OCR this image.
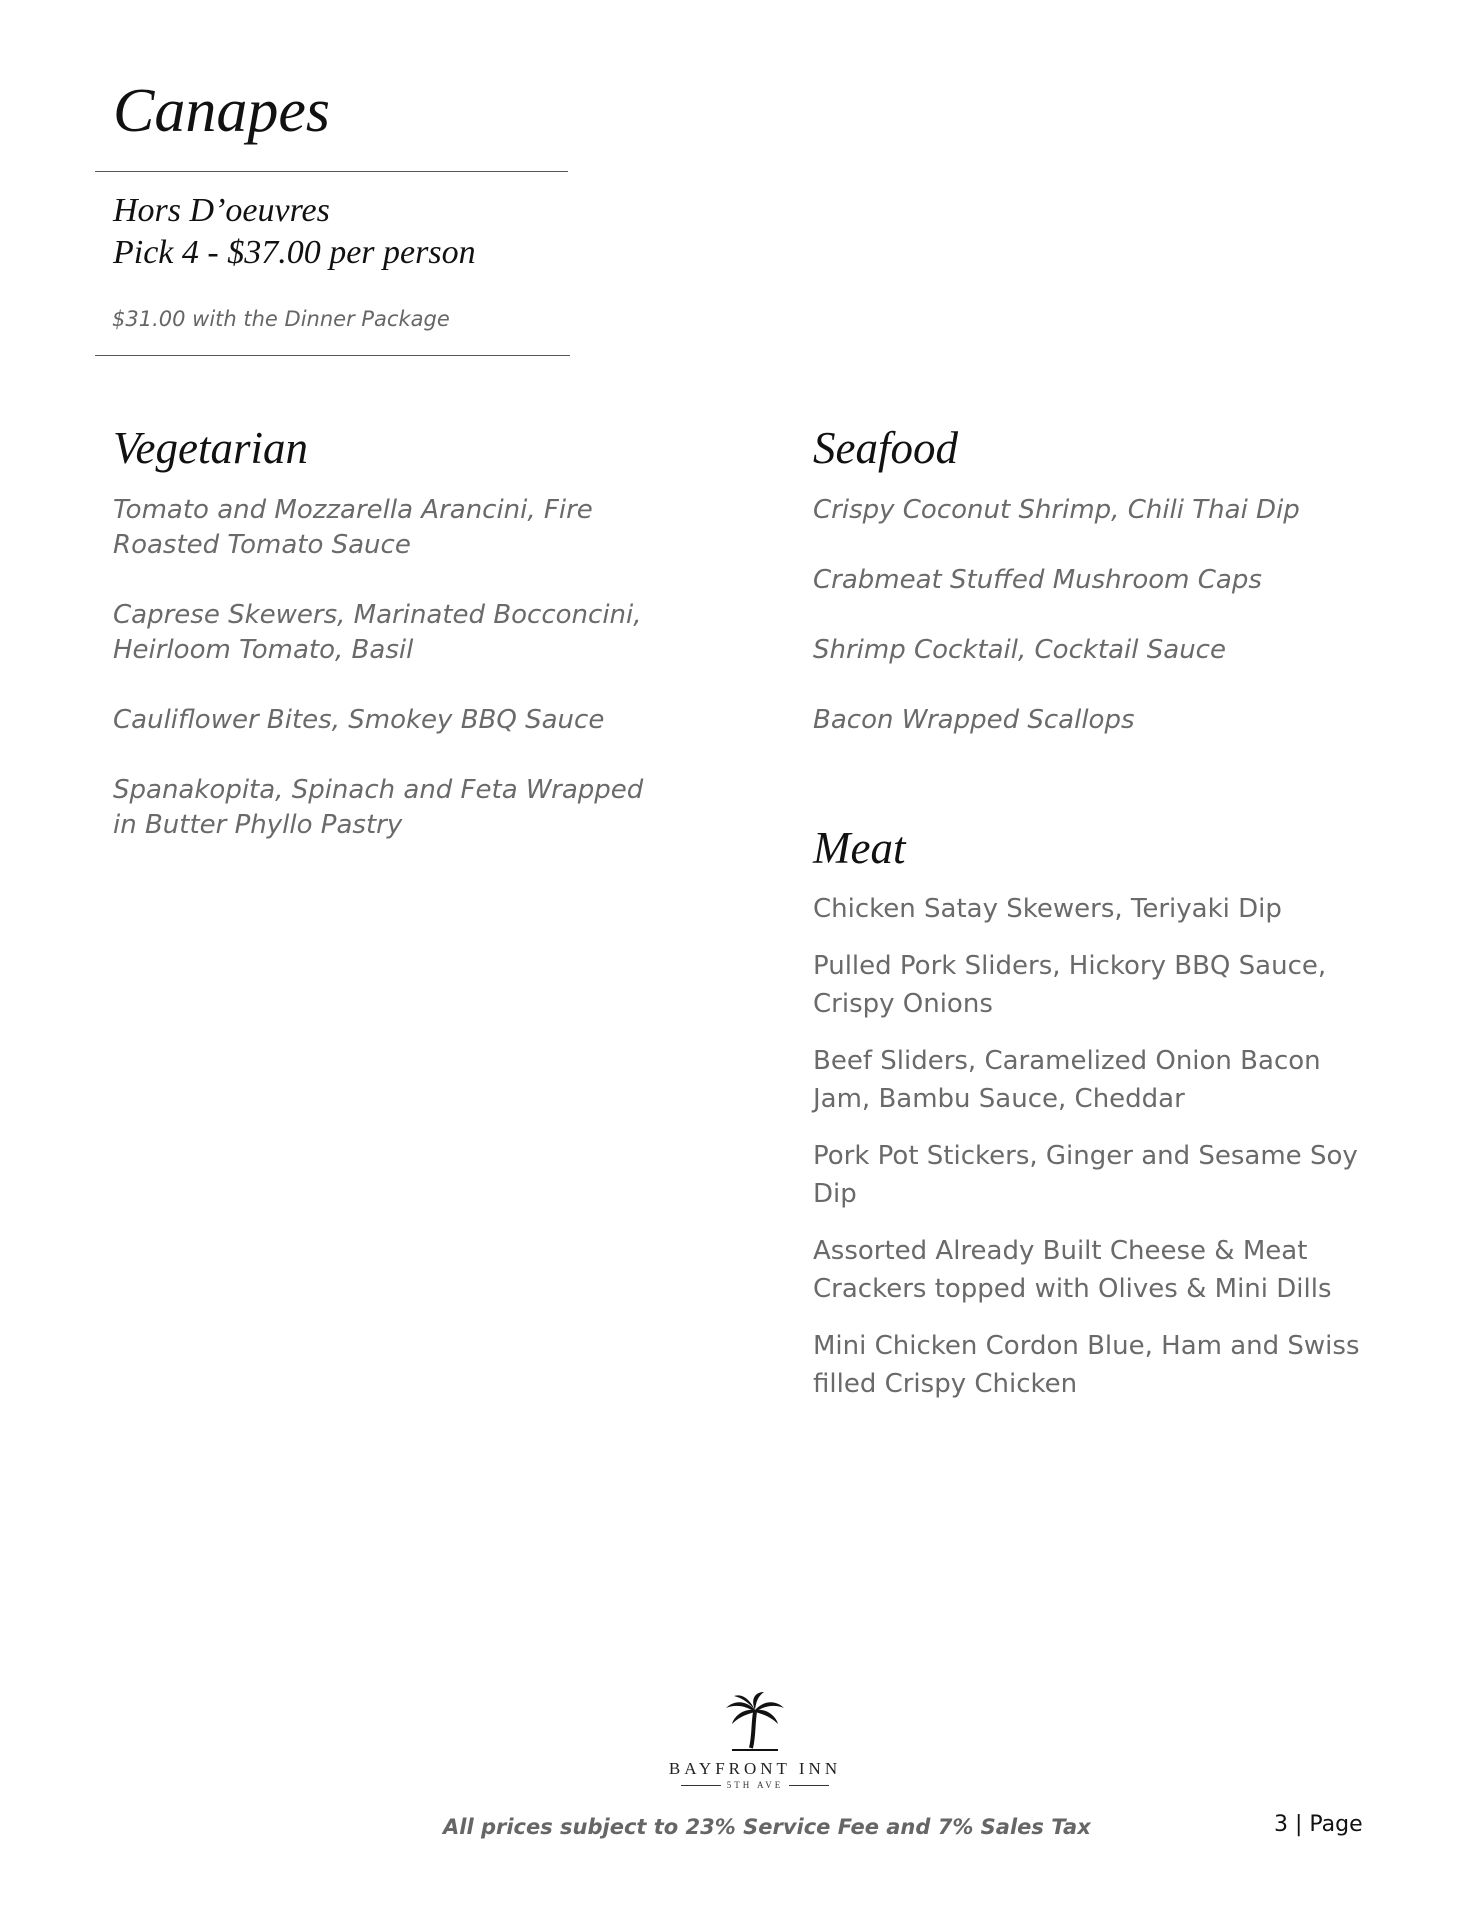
Canapes
Hors D’oeuvres
Pick 4 - $37.00 per person
$31.00 with the Dinner Package
Vegetarian
Tomato and Mozzarella Arancini, Fire Roasted Tomato Sauce
Caprese Skewers, Marinated Bocconcini, Heirloom Tomato, Basil
Cauliflower Bites, Smokey BBQ Sauce
Spanakopita, Spinach and Feta Wrapped in Butter Phyllo Pastry
Seafood
Crispy Coconut Shrimp, Chili Thai Dip
Crabmeat Stuffed Mushroom Caps
Shrimp Cocktail, Cocktail Sauce
Bacon Wrapped Scallops
Meat
Chicken Satay Skewers, Teriyaki Dip
Pulled Pork Sliders, Hickory BBQ Sauce, Crispy Onions
Beef Sliders, Caramelized Onion Bacon Jam, Bambu Sauce, Cheddar
Pork Pot Stickers, Ginger and Sesame Soy Dip
Assorted Already Built Cheese & Meat Crackers topped with Olives & Mini Dills
Mini Chicken Cordon Blue, Ham and Swiss filled Crispy Chicken
BAYFRONT INN
5TH AVE
All prices subject to 23% Service Fee and 7% Sales Tax	3 | Page
